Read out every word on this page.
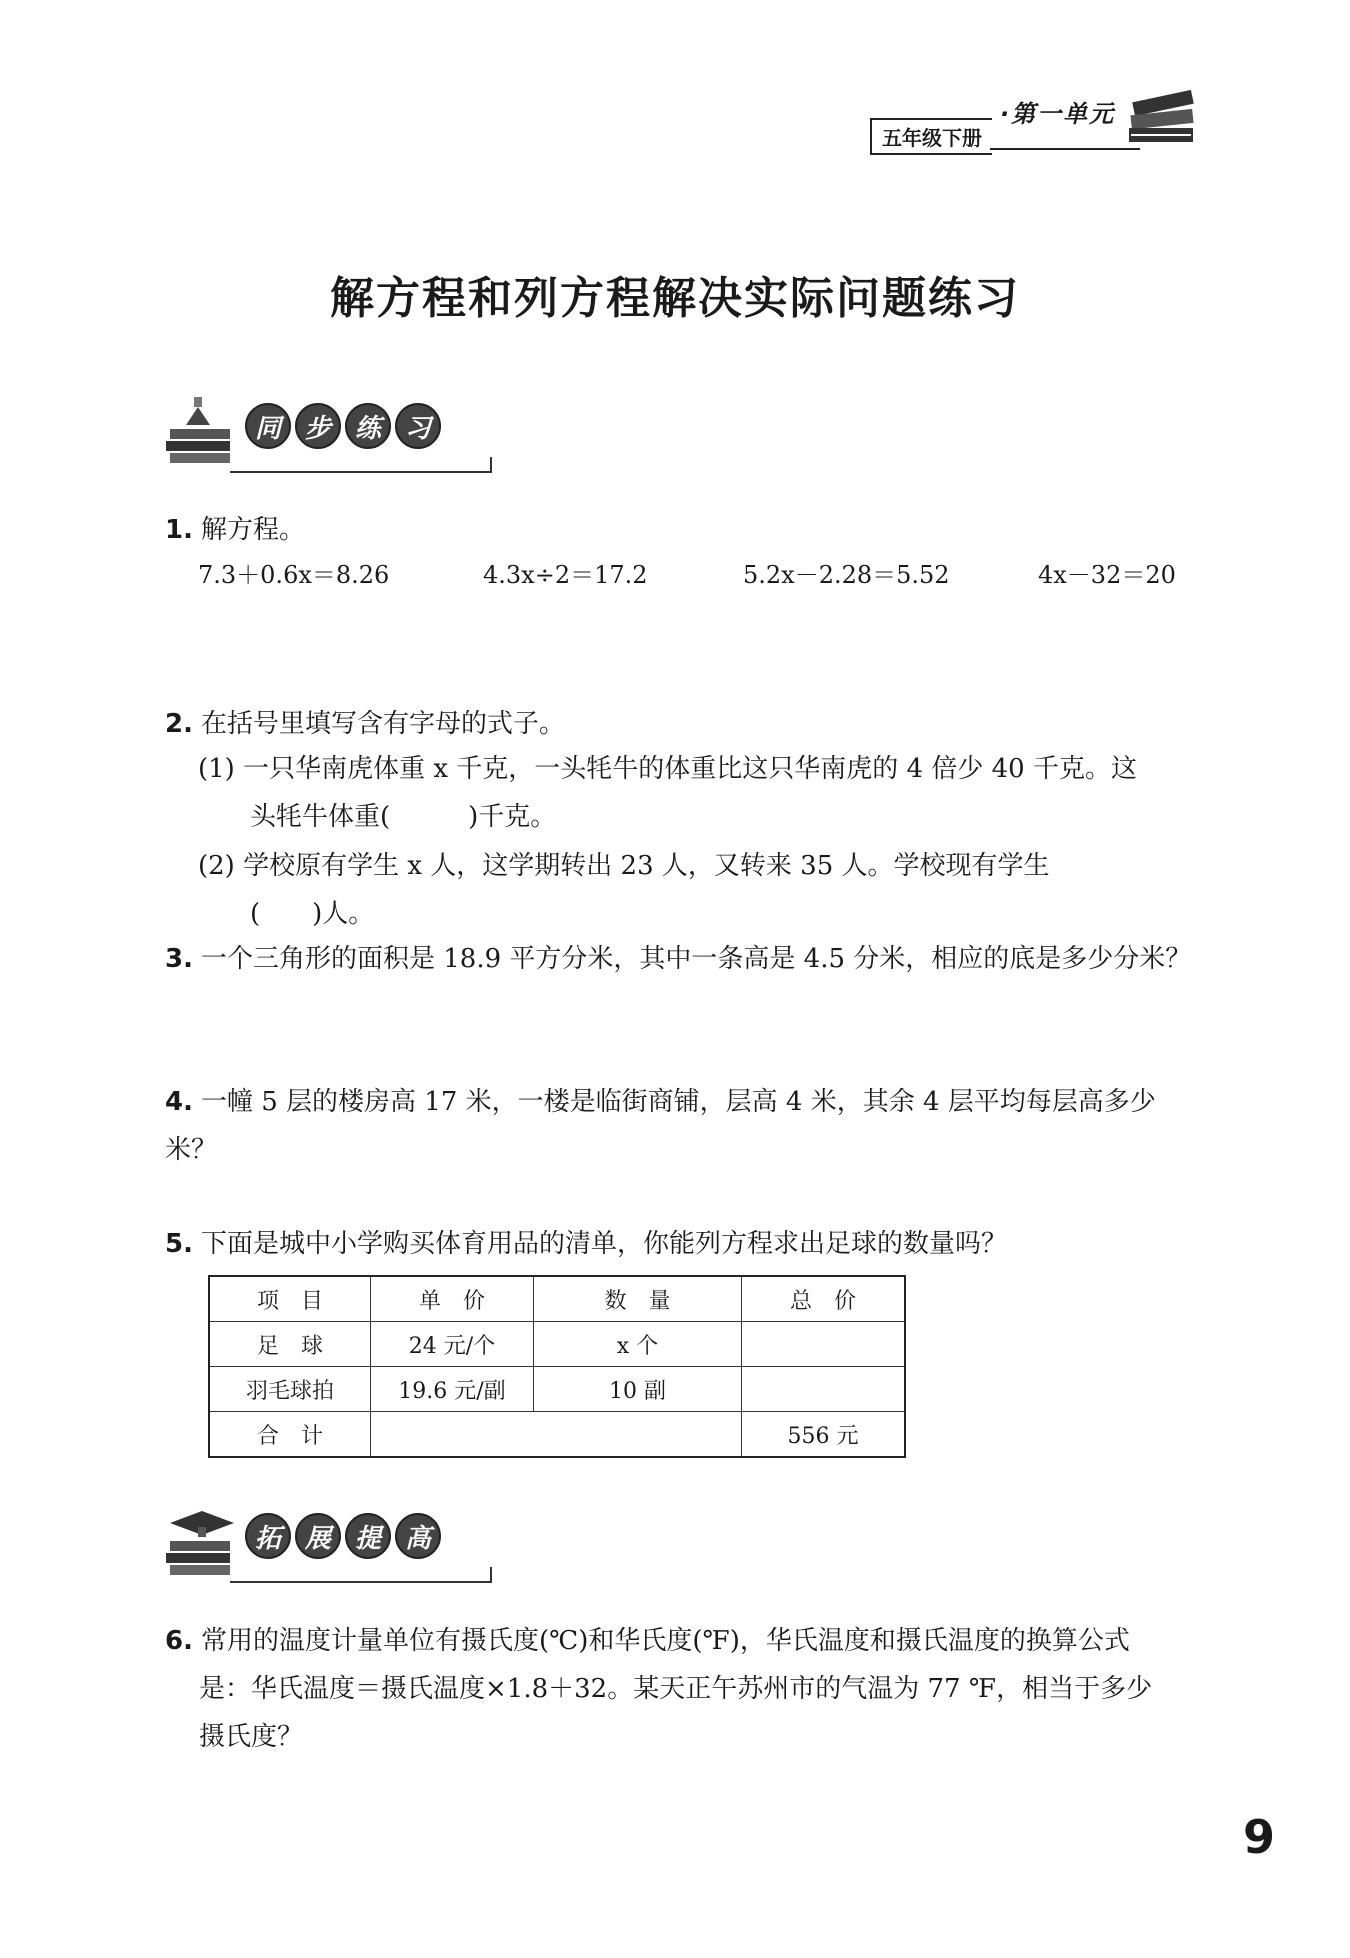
五年级下册
·第一单元
解方程和列方程解决实际问题练习
同 步 练 习
1. 解方程。
7.3＋0.6x＝8.26	4.3x÷2＝17.2	5.2x－2.28＝5.52	4x－32＝20
2. 在括号里填写含有字母的式子。
(1) 一只华南虎体重 x 千克，一头牦牛的体重比这只华南虎的 4 倍少 40 千克。这
头牦牛体重(　　　)千克。
(2) 学校原有学生 x 人，这学期转出 23 人，又转来 35 人。学校现有学生
(　　)人。
3. 一个三角形的面积是 18.9 平方分米，其中一条高是 4.5 分米，相应的底是多少分米？
4. 一幢 5 层的楼房高 17 米，一楼是临街商铺，层高 4 米，其余 4 层平均每层高多少米？
5. 下面是城中小学购买体育用品的清单，你能列方程求出足球的数量吗？
项　目	单　价	数　量	总　价
足　球	24 元/个	x 个	
羽毛球拍	19.6 元/副	10 副	
合　计			556 元
拓 展 提 高
6. 常用的温度计量单位有摄氏度(℃)和华氏度(℉)，华氏温度和摄氏温度的换算公式
是：华氏温度＝摄氏温度×1.8＋32。某天正午苏州市的气温为 77 ℉，相当于多少
摄氏度？
9
